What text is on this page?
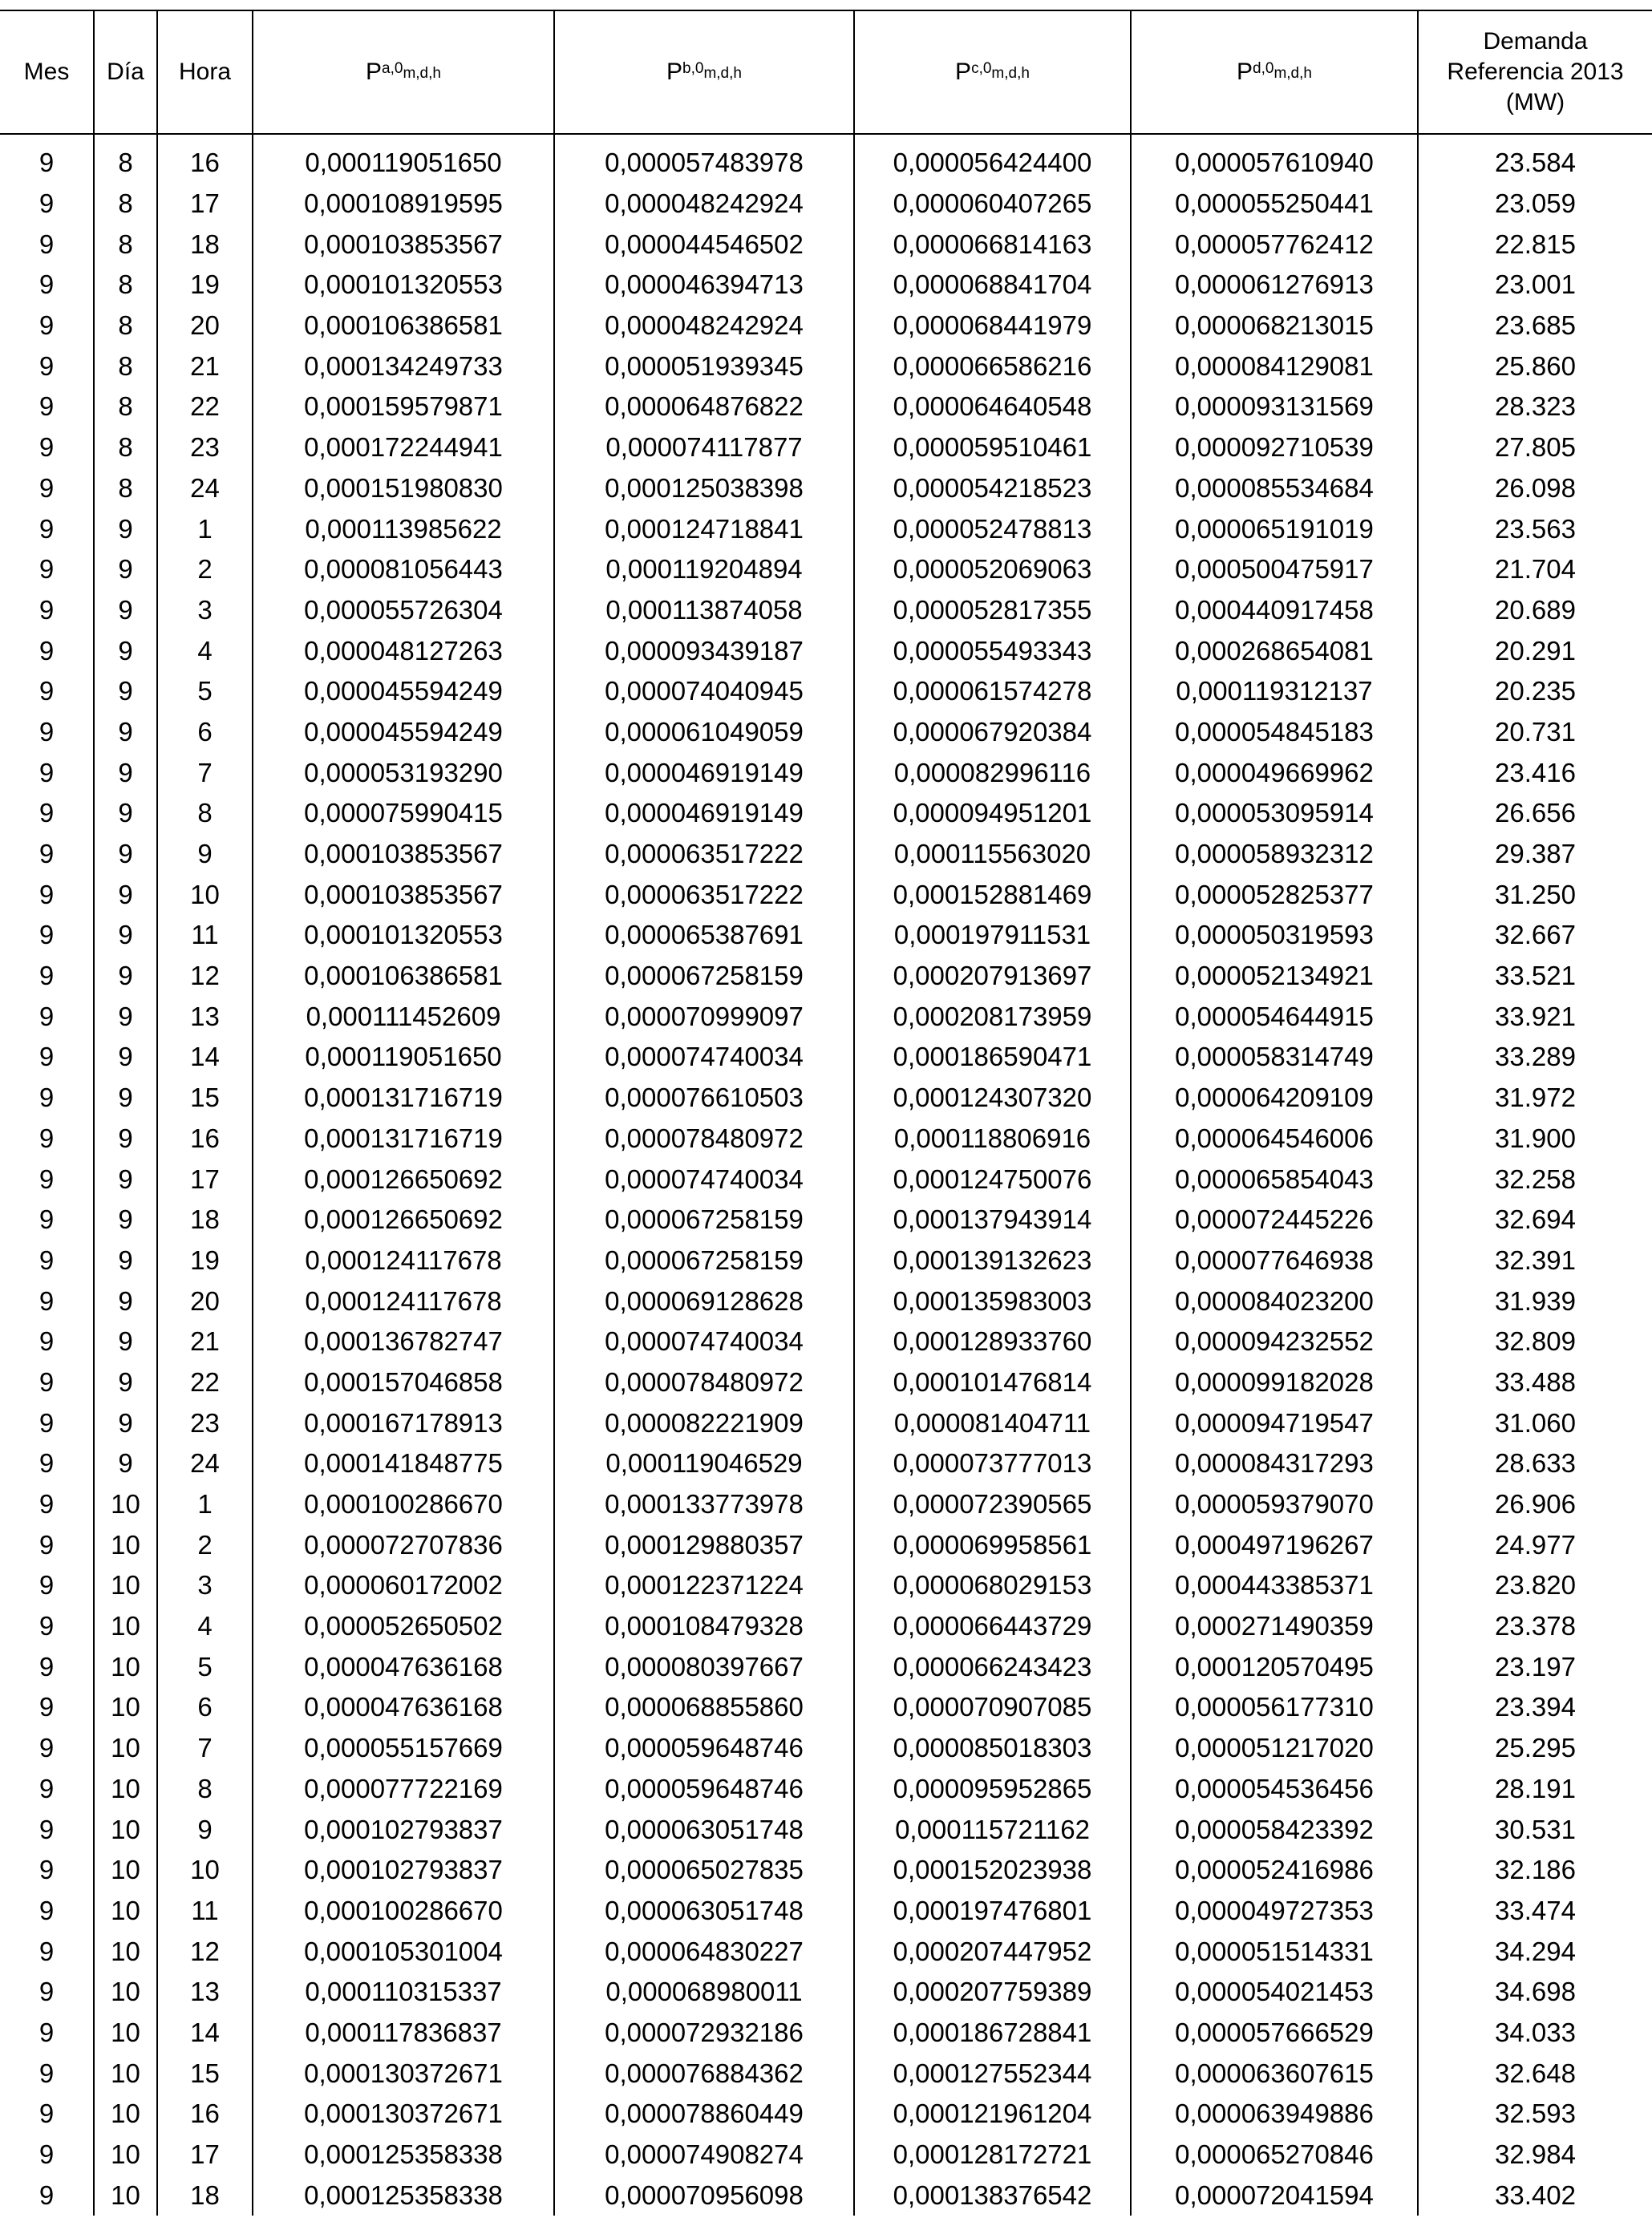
Mes	Día	Hora	P$^{a,0}_{m,d,h}$	P$^{b,0}_{m,d,h}$	P$^{c,0}_{m,d,h}$	P$^{d,0}_{m,d,h}$	Demanda
Referencia 2013
(MW)

9	8	16	0,000119051650	0,000057483978	0,000056424400	0,000057610940	23.584
9	8	17	0,000108919595	0,000048242924	0,000060407265	0,000055250441	23.059
9	8	18	0,000103853567	0,000044546502	0,000066814163	0,000057762412	22.815
9	8	19	0,000101320553	0,000046394713	0,000068841704	0,000061276913	23.001
9	8	20	0,000106386581	0,000048242924	0,000068441979	0,000068213015	23.685
9	8	21	0,000134249733	0,000051939345	0,000066586216	0,000084129081	25.860
9	8	22	0,000159579871	0,000064876822	0,000064640548	0,000093131569	28.323
9	8	23	0,000172244941	0,000074117877	0,000059510461	0,000092710539	27.805
9	8	24	0,000151980830	0,000125038398	0,000054218523	0,000085534684	26.098
9	9	1	0,000113985622	0,000124718841	0,000052478813	0,000065191019	23.563
9	9	2	0,000081056443	0,000119204894	0,000052069063	0,000500475917	21.704
9	9	3	0,000055726304	0,000113874058	0,000052817355	0,000440917458	20.689
9	9	4	0,000048127263	0,000093439187	0,000055493343	0,000268654081	20.291
9	9	5	0,000045594249	0,000074040945	0,000061574278	0,000119312137	20.235
9	9	6	0,000045594249	0,000061049059	0,000067920384	0,000054845183	20.731
9	9	7	0,000053193290	0,000046919149	0,000082996116	0,000049669962	23.416
9	9	8	0,000075990415	0,000046919149	0,000094951201	0,000053095914	26.656
9	9	9	0,000103853567	0,000063517222	0,000115563020	0,000058932312	29.387
9	9	10	0,000103853567	0,000063517222	0,000152881469	0,000052825377	31.250
9	9	11	0,000101320553	0,000065387691	0,000197911531	0,000050319593	32.667
9	9	12	0,000106386581	0,000067258159	0,000207913697	0,000052134921	33.521
9	9	13	0,000111452609	0,000070999097	0,000208173959	0,000054644915	33.921
9	9	14	0,000119051650	0,000074740034	0,000186590471	0,000058314749	33.289
9	9	15	0,000131716719	0,000076610503	0,000124307320	0,000064209109	31.972
9	9	16	0,000131716719	0,000078480972	0,000118806916	0,000064546006	31.900
9	9	17	0,000126650692	0,000074740034	0,000124750076	0,000065854043	32.258
9	9	18	0,000126650692	0,000067258159	0,000137943914	0,000072445226	32.694
9	9	19	0,000124117678	0,000067258159	0,000139132623	0,000077646938	32.391
9	9	20	0,000124117678	0,000069128628	0,000135983003	0,000084023200	31.939
9	9	21	0,000136782747	0,000074740034	0,000128933760	0,000094232552	32.809
9	9	22	0,000157046858	0,000078480972	0,000101476814	0,000099182028	33.488
9	9	23	0,000167178913	0,000082221909	0,000081404711	0,000094719547	31.060
9	9	24	0,000141848775	0,000119046529	0,000073777013	0,000084317293	28.633
9	10	1	0,000100286670	0,000133773978	0,000072390565	0,000059379070	26.906
9	10	2	0,000072707836	0,000129880357	0,000069958561	0,000497196267	24.977
9	10	3	0,000060172002	0,000122371224	0,000068029153	0,000443385371	23.820
9	10	4	0,000052650502	0,000108479328	0,000066443729	0,000271490359	23.378
9	10	5	0,000047636168	0,000080397667	0,000066243423	0,000120570495	23.197
9	10	6	0,000047636168	0,000068855860	0,000070907085	0,000056177310	23.394
9	10	7	0,000055157669	0,000059648746	0,000085018303	0,000051217020	25.295
9	10	8	0,000077722169	0,000059648746	0,000095952865	0,000054536456	28.191
9	10	9	0,000102793837	0,000063051748	0,000115721162	0,000058423392	30.531
9	10	10	0,000102793837	0,000065027835	0,000152023938	0,000052416986	32.186
9	10	11	0,000100286670	0,000063051748	0,000197476801	0,000049727353	33.474
9	10	12	0,000105301004	0,000064830227	0,000207447952	0,000051514331	34.294
9	10	13	0,000110315337	0,000068980011	0,000207759389	0,000054021453	34.698
9	10	14	0,000117836837	0,000072932186	0,000186728841	0,000057666529	34.033
9	10	15	0,000130372671	0,000076884362	0,000127552344	0,000063607615	32.648
9	10	16	0,000130372671	0,000078860449	0,000121961204	0,000063949886	32.593
9	10	17	0,000125358338	0,000074908274	0,000128172721	0,000065270846	32.984
9	10	18	0,000125358338	0,000070956098	0,000138376542	0,000072041594	33.402
